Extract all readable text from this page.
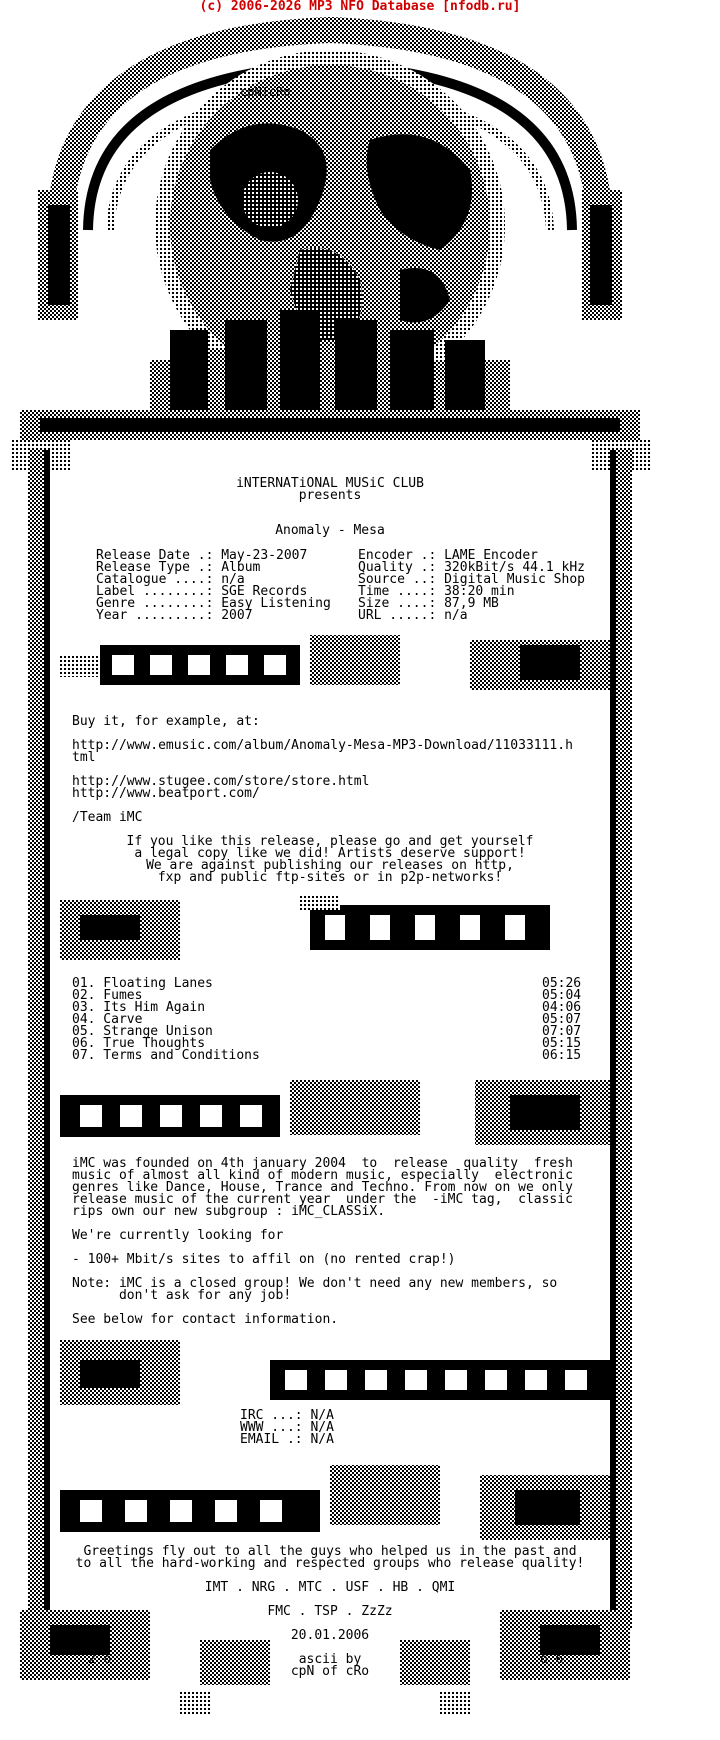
(c) 2006-2026 MP3 NFO Database [nfodb.ru]
cpN!cRo
iNTERNATiONAL MUSiC CLUB
presents
Anomaly - Mesa
Release Date .: May-23-2007
Release Type .: Album
Catalogue ....: n/a
Label ........: SGE Records
Genre ........: Easy Listening
Year .........: 2007
Encoder .: LAME Encoder
Quality .: 320kBit/s 44.1 kHz
Source ..: Digital Music Shop
Time ....: 38:20 min
Size ....: 87,9 MB
URL .....: n/a
Buy it, for example, at:
http://www.emusic.com/album/Anomaly-Mesa-MP3-Download/11033111.h
tml
http://www.stugee.com/store/store.html
http://www.beatport.com/
/Team iMC
If you like this release, please go and get yourself
a legal copy like we did! Artists deserve support!
We are against publishing our releases on http,
fxp and public ftp-sites or in p2p-networks!
01. Floating Lanes	05:26
02. Fumes	05:04
03. Its Him Again	04:06
04. Carve	05:07
05. Strange Unison	07:07
06. True Thoughts	05:15
07. Terms and Conditions	06:15
iMC was founded on 4th january 2004  to  release  quality  fresh
music of almost all kind of modern music, especially  electronic
genres like Dance, House, Trance and Techno. From now on we only
release music of the current year  under the  -iMC tag,  classic
rips own our new subgroup : iMC_CLASSiX.
We're currently looking for
- 100+ Mbit/s sites to affil on (no rented crap!)
Note: iMC is a closed group! We don't need any new members, so
don't ask for any job!
See below for contact information.
IRC ...: N/A
WWW ...: N/A
EMAIL .: N/A
Greetings fly out to all the guys who helped us in the past and
to all the hard-working and respected groups who release quality!
IMT . NRG . MTC . USF . HB . QMI
FMC . TSP . ZzZz
20.01.2006
2 o	o 6
ascii by
cpN of cRo
